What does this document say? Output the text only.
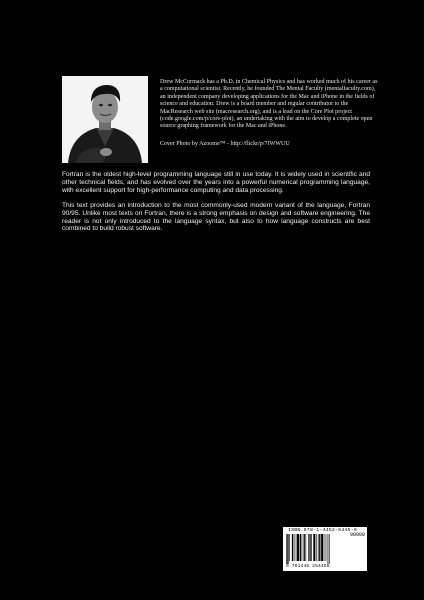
Drew McCormack has a Ph.D. in Chemical Physics and has worked much of his career as a computational scientist. Recently, he founded The Mental Faculty (mentalfaculty.com), an independent company developing applications for the Mac and iPhone in the fields of science and education. Drew is a board member and regular contributor to the MacResearch web site (macresearch.org), and is a lead on the Core Plot project (code.google.com/p/core-plot), an undertaking with the aim to develop a complete open source graphing framework for the Mac and iPhone.
Cover Photo by Azoome™ - http://flickr/p/7fWWUU

Fortran is the oldest high-level programming language still in use today. It is widely used in scientific and other technical fields, and has evolved over the years into a powerful numerical programming language, with excellent support for high-performance computing and data processing.

This text provides an introduction to the most commonly-used modern variant of the language, Fortran 90/95. Unlike most texts on Fortran, there is a strong emphasis on design and software engineering. The reader is not only introduced to the language syntax, but also to how language constructs are best combined to build robust software.

ISBN 978-1-4452-5445-6
90000
9 781445 254456
